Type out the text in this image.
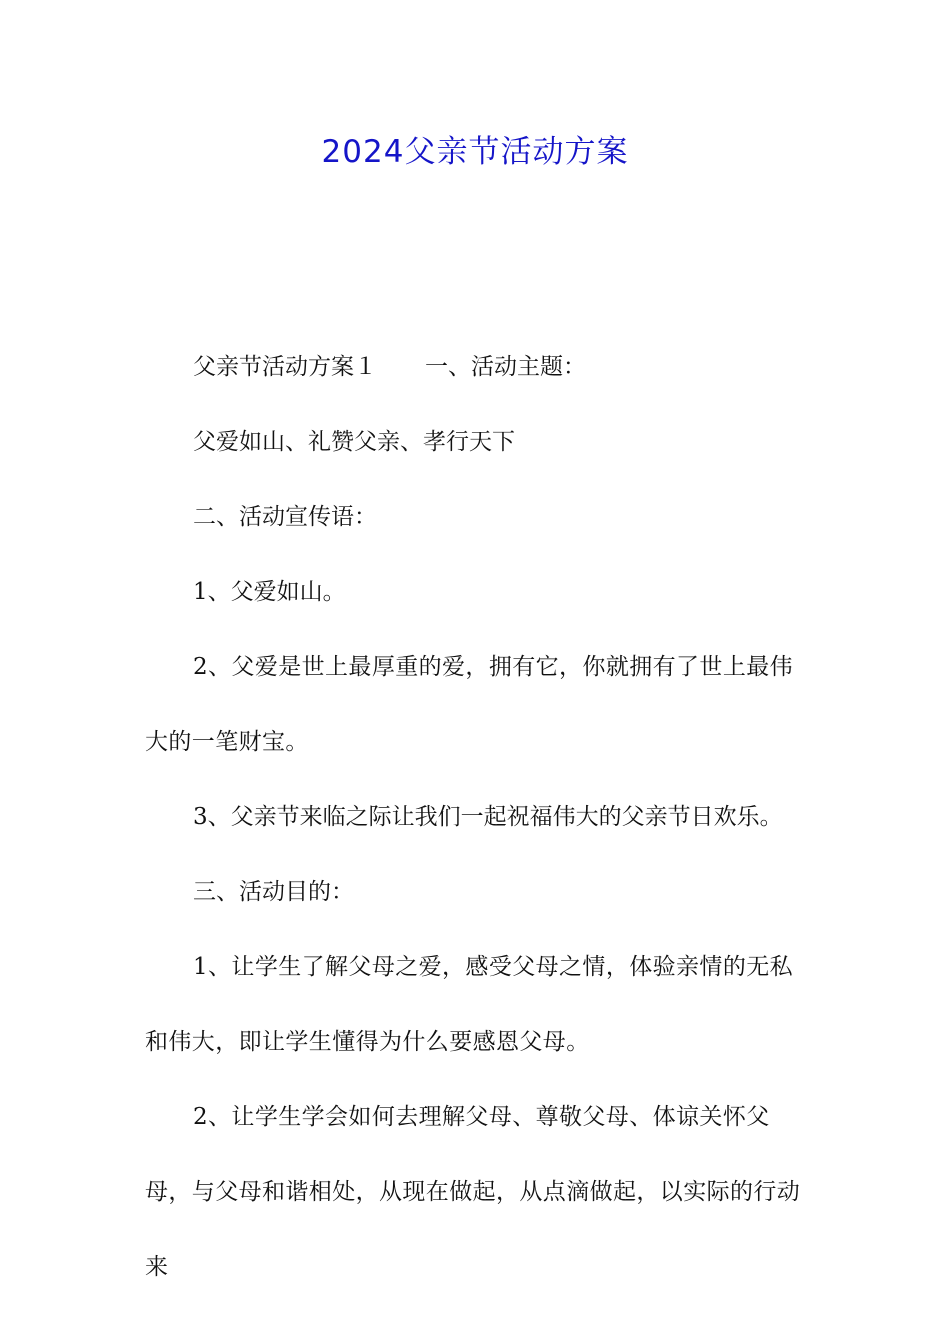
2024父亲节活动方案

父亲节活动方案１ 一、活动主题：

父爱如山、礼赞父亲、孝行天下

二、活动宣传语：

1、父爱如山。

2、父爱是世上最厚重的爱，拥有它，你就拥有了世上最伟大的一笔财宝。

3、父亲节来临之际让我们一起祝福伟大的父亲节日欢乐。

三、活动目的：

1、让学生了解父母之爱，感受父母之情，体验亲情的无私和伟大，即让学生懂得为什么要感恩父母。

2、让学生学会如何去理解父母、尊敬父母、体谅关怀父母，与父母和谐相处，从现在做起，从点滴做起，以实际的行动来
